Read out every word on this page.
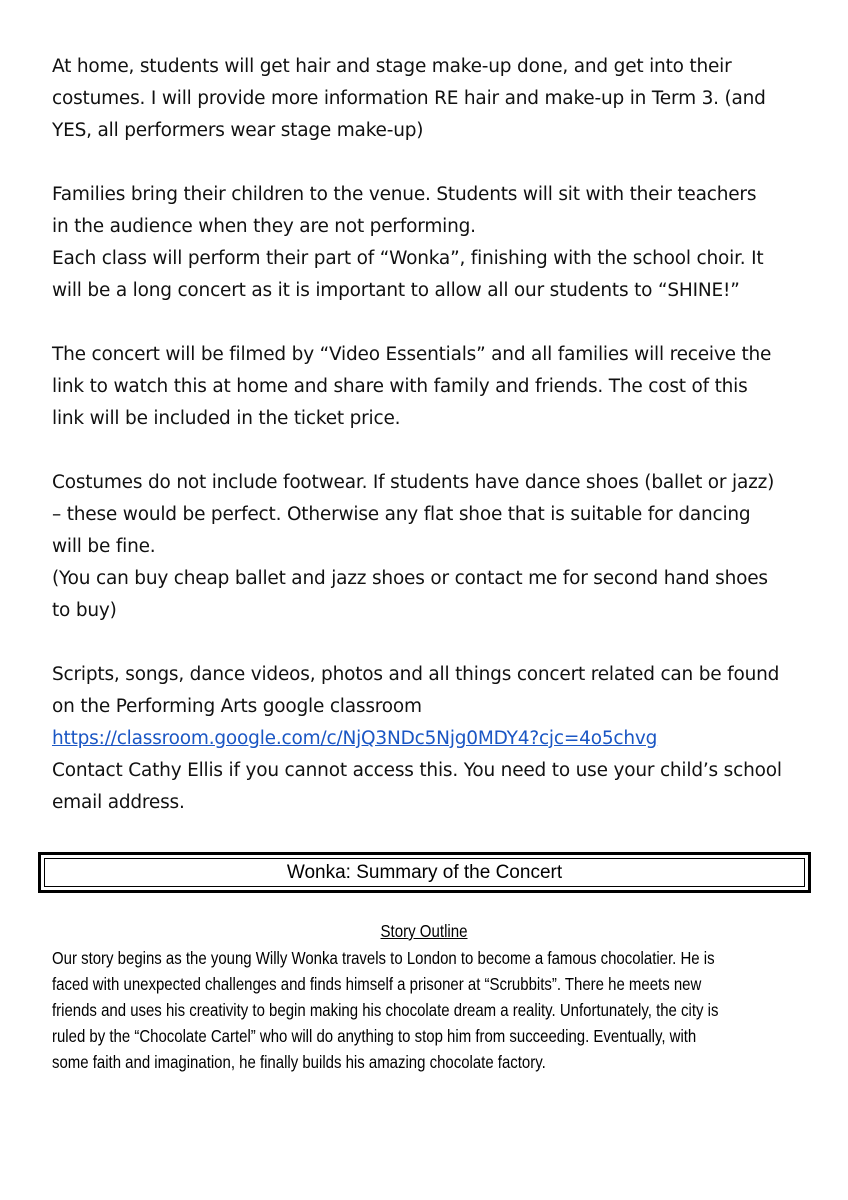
At home, students will get hair and stage make-up done, and get into their
costumes. I will provide more information RE hair and make-up in Term 3. (and
YES, all performers wear stage make-up)
Families bring their children to the venue. Students will sit with their teachers
in the audience when they are not performing.
Each class will perform their part of “Wonka”, finishing with the school choir. It
will be a long concert as it is important to allow all our students to “SHINE!”
The concert will be filmed by “Video Essentials” and all families will receive the
link to watch this at home and share with family and friends. The cost of this
link will be included in the ticket price.
Costumes do not include footwear. If students have dance shoes (ballet or jazz)
– these would be perfect. Otherwise any flat shoe that is suitable for dancing
will be fine.
(You can buy cheap ballet and jazz shoes or contact me for second hand shoes
to buy)
Scripts, songs, dance videos, photos and all things concert related can be found
on the Performing Arts google classroom
https://classroom.google.com/c/NjQ3NDc5Njg0MDY4?cjc=4o5chvg
Contact Cathy Ellis if you cannot access this. You need to use your child’s school
email address.
Wonka: Summary of the Concert
Story Outline
Our story begins as the young Willy Wonka travels to London to become a famous chocolatier. He is
faced with unexpected challenges and finds himself a prisoner at “Scrubbits”. There he meets new
friends and uses his creativity to begin making his chocolate dream a reality. Unfortunately, the city is
ruled by the “Chocolate Cartel” who will do anything to stop him from succeeding. Eventually, with
some faith and imagination, he finally builds his amazing chocolate factory.
